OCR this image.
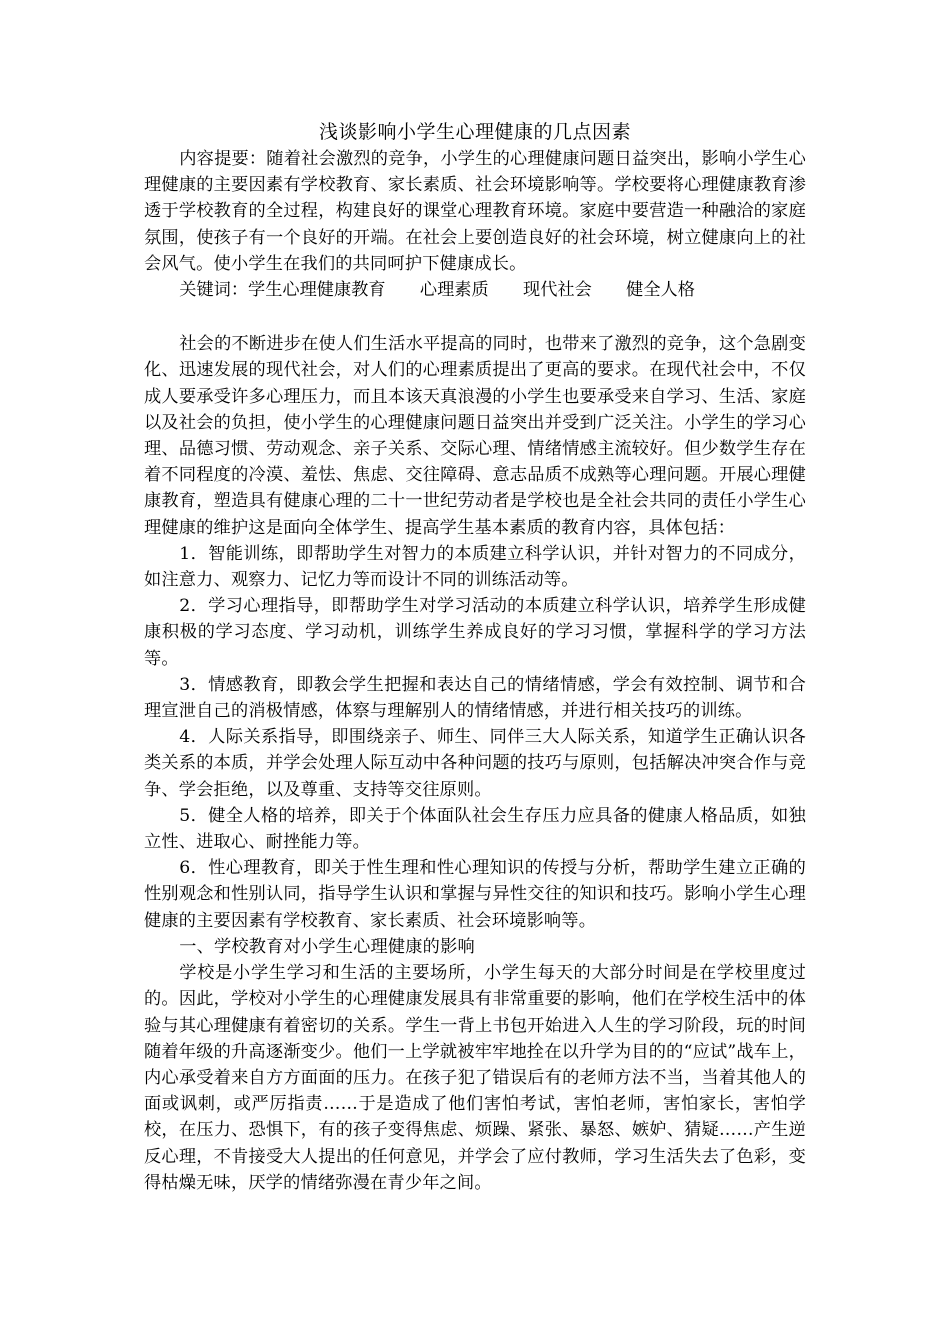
浅谈影响小学生心理健康的几点因素

内容提要：随着社会激烈的竞争，小学生的心理健康问题日益突出，影响小学生心理健康的主要因素有学校教育、家长素质、社会环境影响等。学校要将心理健康教育渗透于学校教育的全过程，构建良好的课堂心理教育环境。家庭中要营造一种融洽的家庭氛围，使孩子有一个良好的开端。在社会上要创造良好的社会环境，树立健康向上的社会风气。使小学生在我们的共同呵护下健康成长。

关键词：学生心理健康教育　　心理素质　　现代社会　　健全人格

社会的不断进步在使人们生活水平提高的同时，也带来了激烈的竞争，这个急剧变化、迅速发展的现代社会，对人们的心理素质提出了更高的要求。在现代社会中，不仅成人要承受许多心理压力，而且本该天真浪漫的小学生也要承受来自学习、生活、家庭以及社会的负担，使小学生的心理健康问题日益突出并受到广泛关注。小学生的学习心理、品德习惯、劳动观念、亲子关系、交际心理、情绪情感主流较好。但少数学生存在着不同程度的冷漠、羞怯、焦虑、交往障碍、意志品质不成熟等心理问题。开展心理健康教育，塑造具有健康心理的二十一世纪劳动者是学校也是全社会共同的责任小学生心理健康的维护这是面向全体学生、提高学生基本素质的教育内容，具体包括：

1．智能训练，即帮助学生对智力的本质建立科学认识，并针对智力的不同成分，如注意力、观察力、记忆力等而设计不同的训练活动等。

2．学习心理指导，即帮助学生对学习活动的本质建立科学认识，培养学生形成健康积极的学习态度、学习动机，训练学生养成良好的学习习惯，掌握科学的学习方法等。

3．情感教育，即教会学生把握和表达自己的情绪情感，学会有效控制、调节和合理宣泄自己的消极情感，体察与理解别人的情绪情感，并进行相关技巧的训练。

4．人际关系指导，即围绕亲子、师生、同伴三大人际关系，知道学生正确认识各类关系的本质，并学会处理人际互动中各种问题的技巧与原则，包括解决冲突合作与竞争、学会拒绝，以及尊重、支持等交往原则。

5．健全人格的培养，即关于个体面队社会生存压力应具备的健康人格品质，如独立性、进取心、耐挫能力等。

6．性心理教育，即关于性生理和性心理知识的传授与分析，帮助学生建立正确的性别观念和性别认同，指导学生认识和掌握与异性交往的知识和技巧。影响小学生心理健康的主要因素有学校教育、家长素质、社会环境影响等。

一、学校教育对小学生心理健康的影响

学校是小学生学习和生活的主要场所，小学生每天的大部分时间是在学校里度过的。因此，学校对小学生的心理健康发展具有非常重要的影响，他们在学校生活中的体验与其心理健康有着密切的关系。学生一背上书包开始进入人生的学习阶段，玩的时间随着年级的升高逐渐变少。他们一上学就被牢牢地拴在以升学为目的的“应试”战车上，内心承受着来自方方面面的压力。在孩子犯了错误后有的老师方法不当，当着其他人的面或讽刺，或严厉指责……于是造成了他们害怕考试，害怕老师，害怕家长，害怕学校，在压力、恐惧下，有的孩子变得焦虑、烦躁、紧张、暴怒、嫉妒、猜疑……产生逆反心理，不肯接受大人提出的任何意见，并学会了应付教师，学习生活失去了色彩，变得枯燥无味，厌学的情绪弥漫在青少年之间。
